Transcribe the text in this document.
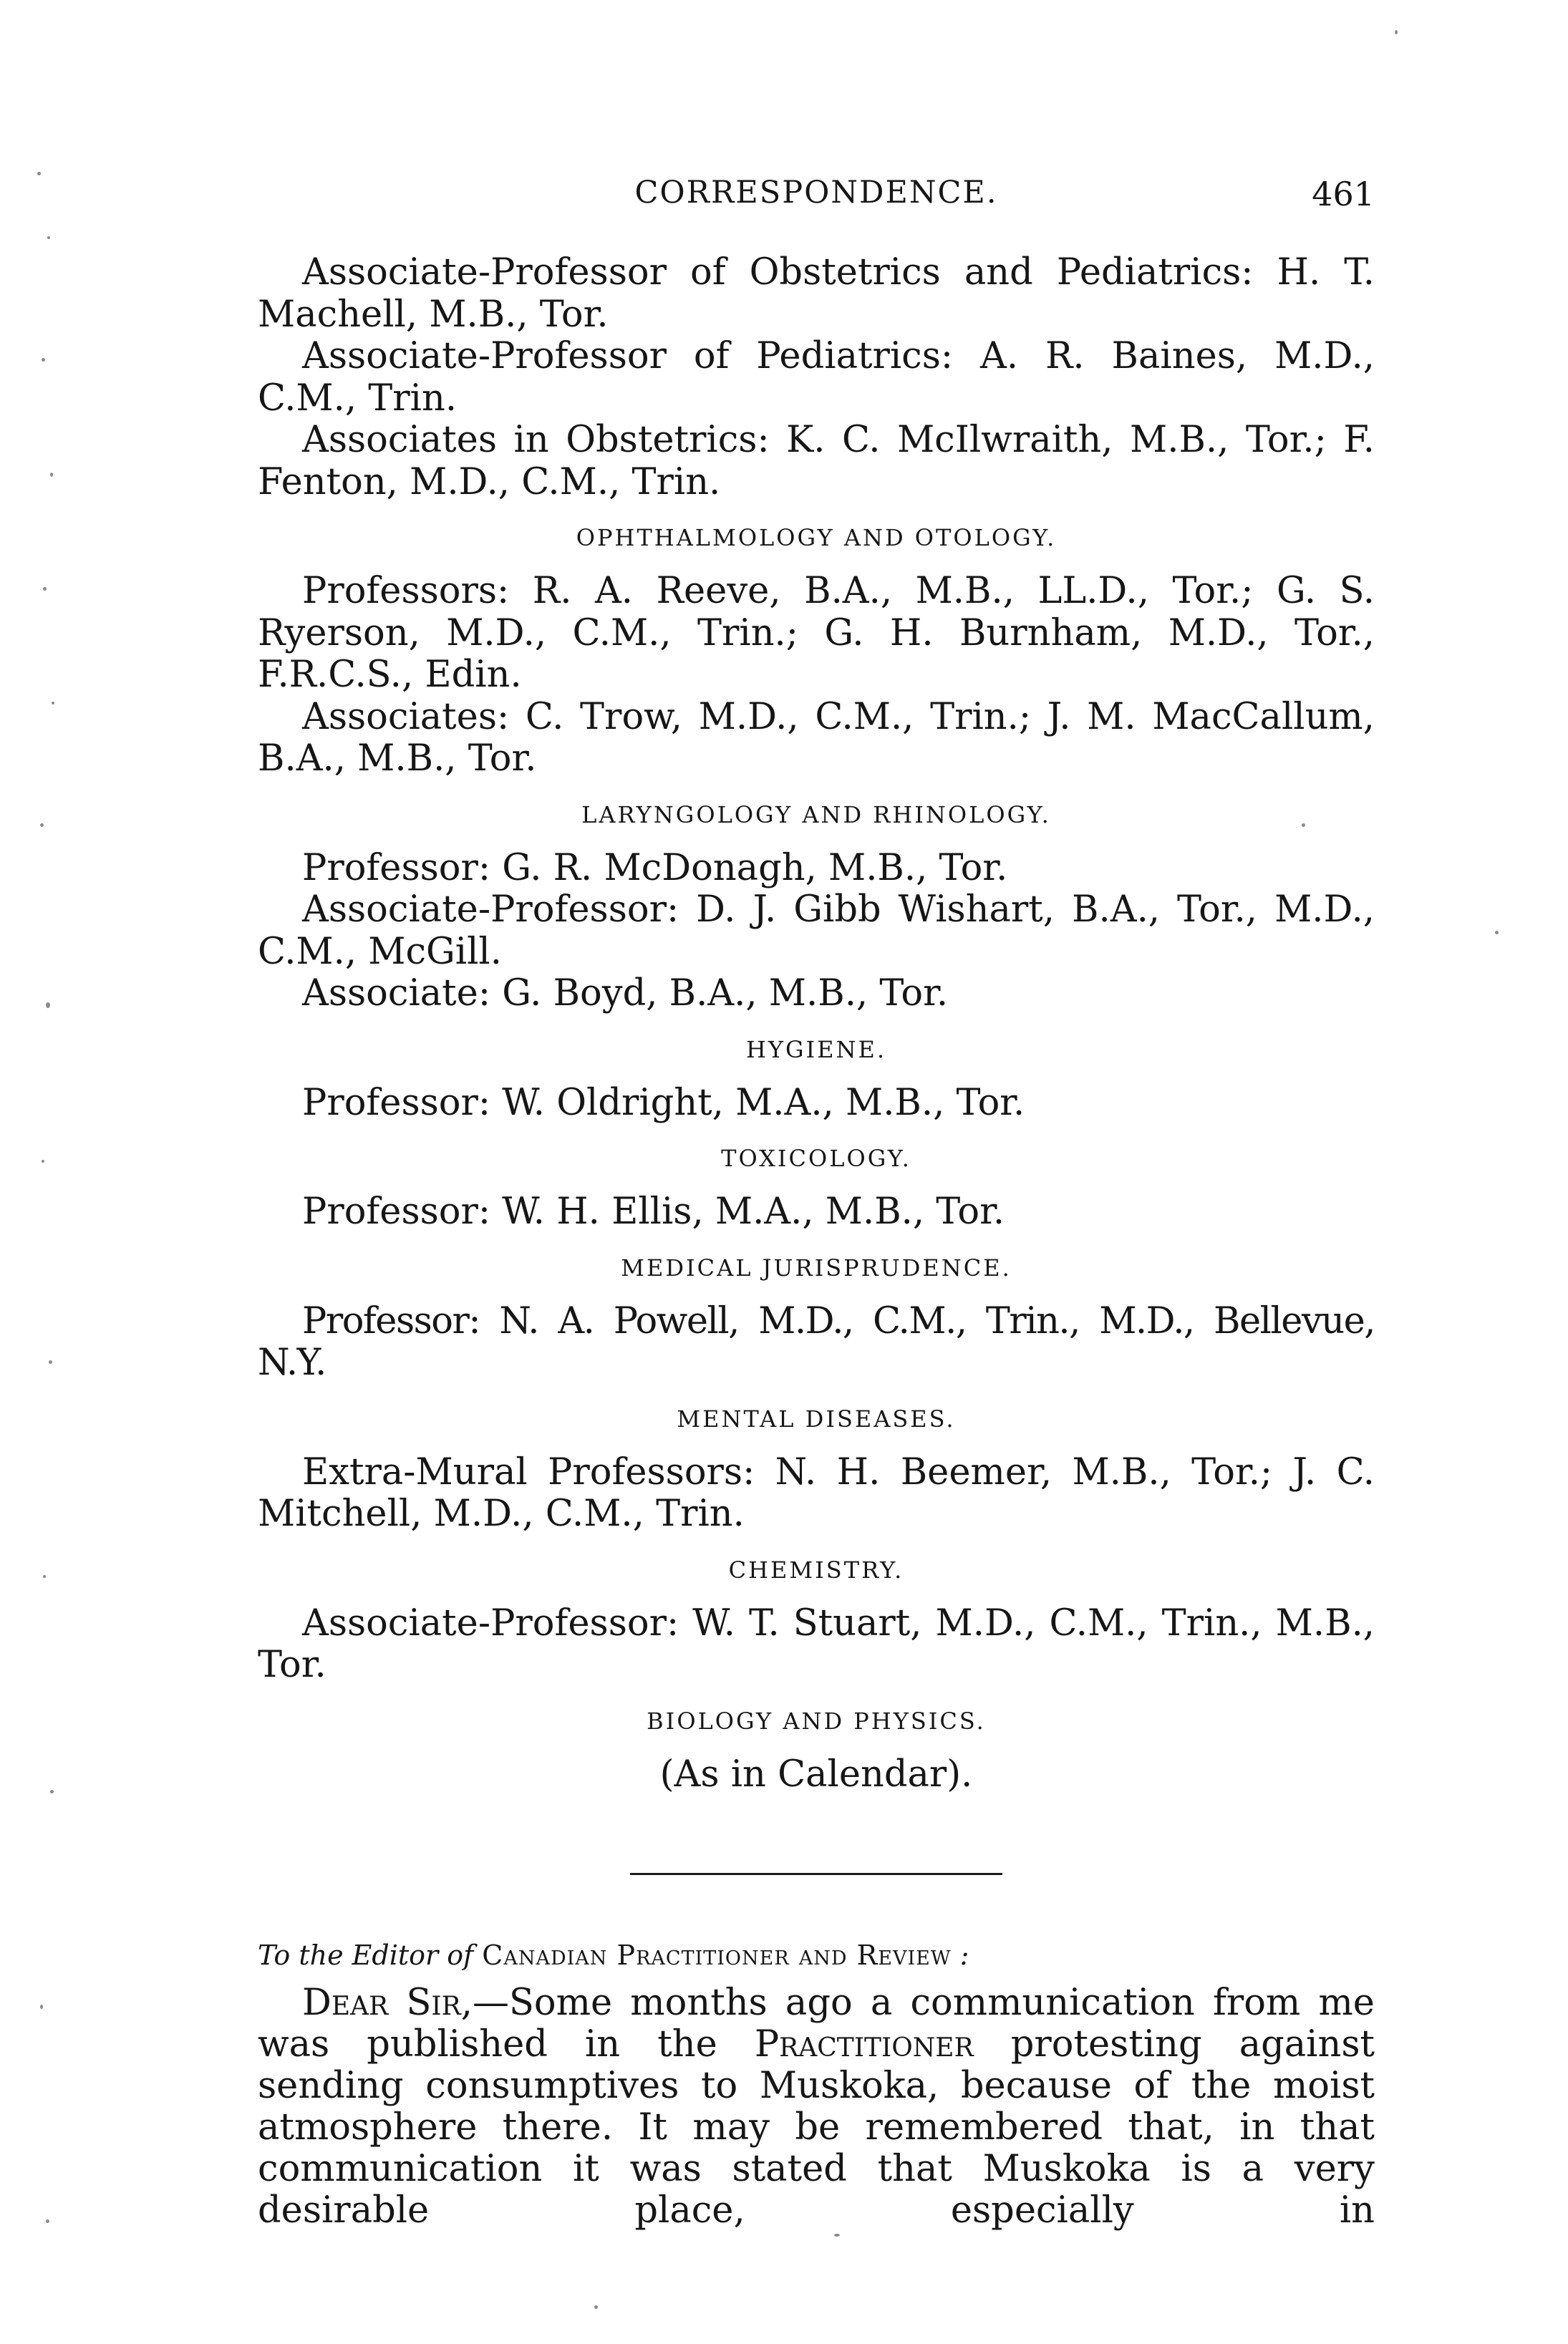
CORRESPONDENCE.	461

Associate-Professor of Obstetrics and Pediatrics: H. T. Machell, M.B., Tor.

Associate-Professor of Pediatrics: A. R. Baines, M.D., C.M., Trin.

Associates in Obstetrics: K. C. McIlwraith, M.B., Tor.; F. Fenton, M.D., C.M., Trin.

OPHTHALMOLOGY AND OTOLOGY.

Professors: R. A. Reeve, B.A., M.B., LL.D., Tor.; G. S. Ryerson, M.D., C.M., Trin.; G. H. Burnham, M.D., Tor., F.R.C.S., Edin.

Associates: C. Trow, M.D., C.M., Trin.; J. M. MacCallum, B.A., M.B., Tor.

LARYNGOLOGY AND RHINOLOGY.

Professor: G. R. McDonagh, M.B., Tor.

Associate-Professor: D. J. Gibb Wishart, B.A., Tor., M.D., C.M., McGill.

Associate: G. Boyd, B.A., M.B., Tor.

HYGIENE.

Professor: W. Oldright, M.A., M.B., Tor.

TOXICOLOGY.

Professor: W. H. Ellis, M.A., M.B., Tor.

MEDICAL JURISPRUDENCE.

Professor: N. A. Powell, M.D., C.M., Trin., M.D., Bellevue, N.Y.

MENTAL DISEASES.

Extra-Mural Professors: N. H. Beemer, M.B., Tor.; J. C. Mitchell, M.D., C.M., Trin.

CHEMISTRY.

Associate-Professor: W. T. Stuart, M.D., C.M., Trin., M.B., Tor.

BIOLOGY AND PHYSICS.

(As in Calendar).

To the Editor of Canadian Practitioner and Review :

Dear Sir,—Some months ago a communication from me was published in the Practitioner protesting against sending consumptives to Muskoka, because of the moist atmosphere there. It may be remembered that, in that communication it was stated that Muskoka is a very desirable place, especially in
